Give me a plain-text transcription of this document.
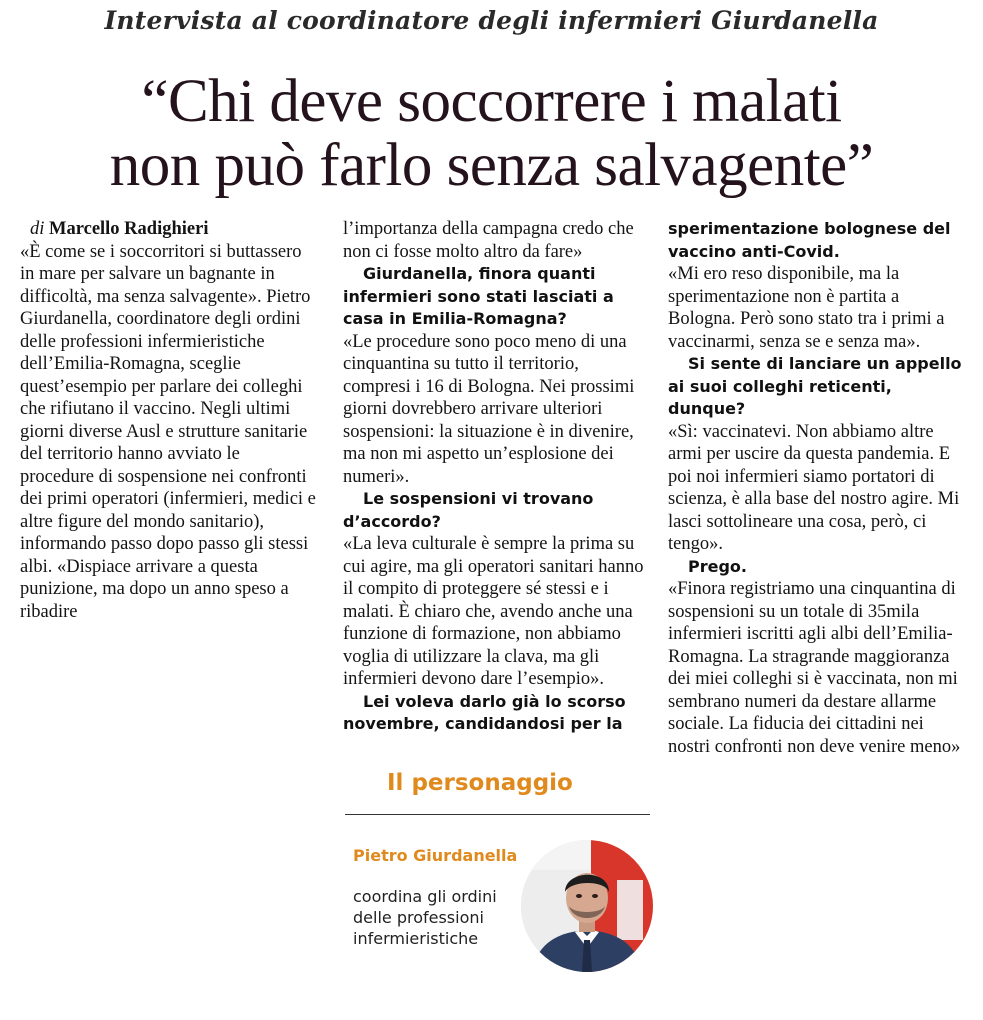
Intervista al coordinatore degli infermieri Giurdanella
“Chi deve soccorrere i malati
non può farlo senza salvagente”

di Marcello Radighieri

«È come se i soccorritori si buttassero in mare per salvare un bagnante in difficoltà, ma senza salvagente». Pietro Giurdanella, coordinatore degli ordini delle professioni infermieristiche dell’Emilia-Romagna, sceglie quest’esempio per parlare dei colleghi che rifiutano il vaccino. Negli ultimi giorni diverse Ausl e strutture sanitarie del territorio hanno avviato le procedure di sospensione nei confronti dei primi operatori (infermieri, medici e altre figure del mondo sanitario), informando passo dopo passo gli stessi albi. «Dispiace arrivare a questa punizione, ma dopo un anno speso a ribadire

l’importanza della campagna credo che non ci fosse molto altro da fare»

Giurdanella, finora quanti infermieri sono stati lasciati a casa in Emilia-Romagna?

«Le procedure sono poco meno di una cinquantina su tutto il territorio, compresi i 16 di Bologna. Nei prossimi giorni dovrebbero arrivare ulteriori sospensioni: la situazione è in divenire, ma non mi aspetto un’esplosione dei numeri».

Le sospensioni vi trovano d’accordo?

«La leva culturale è sempre la prima su cui agire, ma gli operatori sanitari hanno il compito di proteggere sé stessi e i malati. È chiaro che, avendo anche una funzione di formazione, non abbiamo voglia di utilizzare la clava, ma gli infermieri devono dare l’esempio».

Lei voleva darlo già lo scorso novembre, candidandosi per la

sperimentazione bolognese del vaccino anti-Covid.

«Mi ero reso disponibile, ma la sperimentazione non è partita a Bologna. Però sono stato tra i primi a vaccinarmi, senza se e senza ma».

Si sente di lanciare un appello ai suoi colleghi reticenti, dunque?

«Sì: vaccinatevi. Non abbiamo altre armi per uscire da questa pandemia. E poi noi infermieri siamo portatori di scienza, è alla base del nostro agire. Mi lasci sottolineare una cosa, però, ci tengo».

Prego.

«Finora registriamo una cinquantina di sospensioni su un totale di 35mila infermieri iscritti agli albi dell’Emilia-Romagna. La stragrande maggioranza dei miei colleghi si è vaccinata, non mi sembrano numeri da destare allarme sociale. La fiducia dei cittadini nei nostri confronti non deve venire meno»

Il personaggio
Pietro Giurdanella
coordina gli ordini delle professioni infermieristiche
